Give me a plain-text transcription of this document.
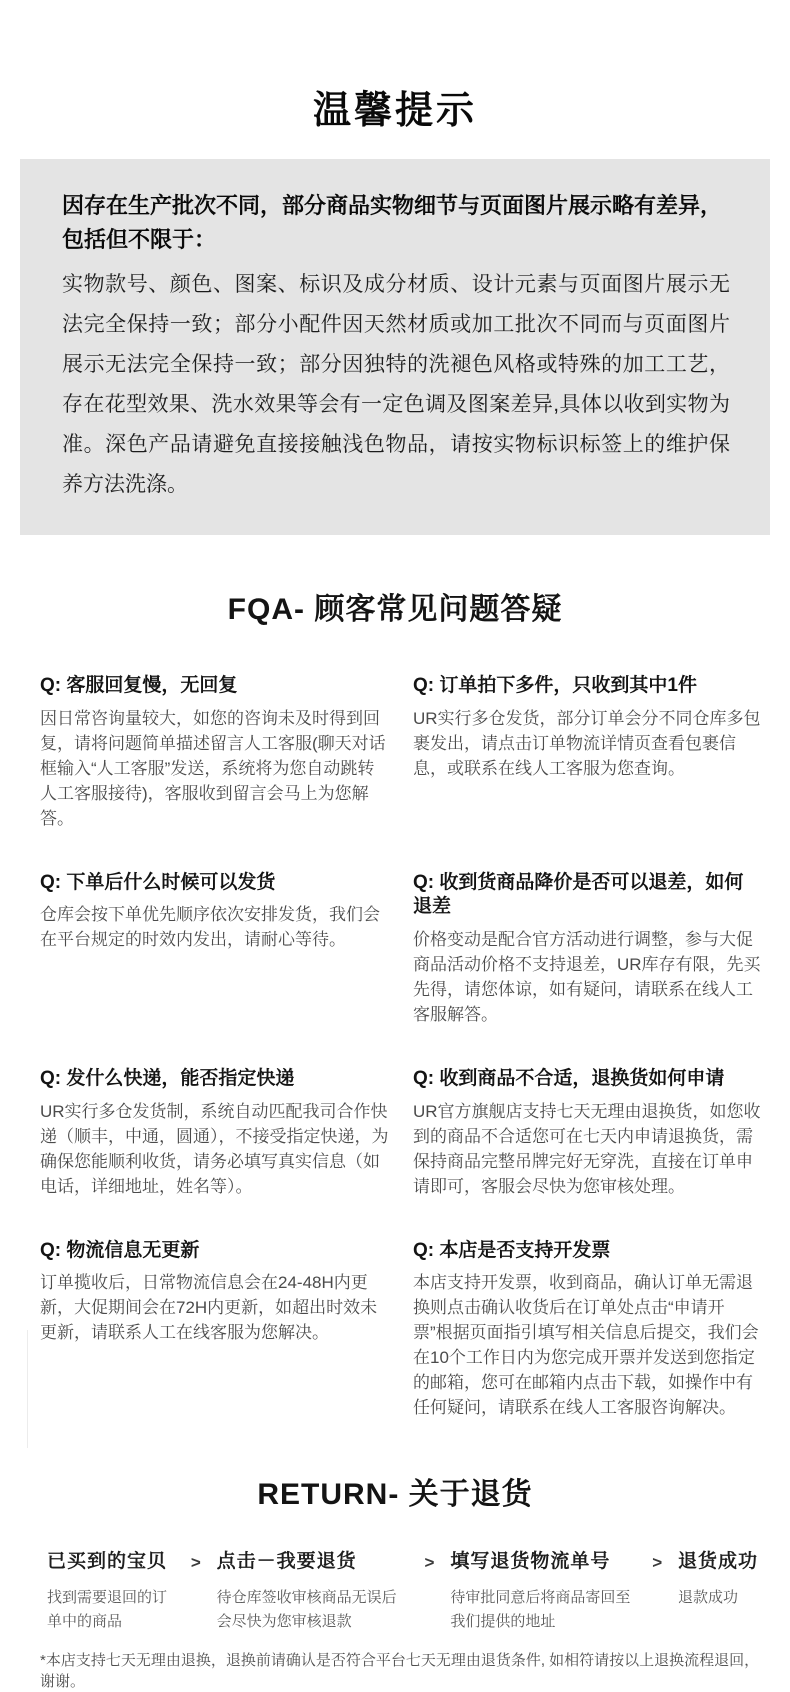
温馨提示

因存在生产批次不同，部分商品实物细节与页面图片展示略有差异，包括但不限于：

实物款号、颜色、图案、标识及成分材质、设计元素与页面图片展示无法完全保持一致；部分小配件因天然材质或加工批次不同而与页面图片展示无法完全保持一致；部分因独特的洗褪色风格或特殊的加工工艺，存在花型效果、洗水效果等会有一定色调及图案差异,具体以收到实物为准。深色产品请避免直接接触浅色物品，请按实物标识标签上的维护保养方法洗涤。

FQA- 顾客常见问题答疑

Q: 客服回复慢，无回复

因日常咨询量较大，如您的咨询未及时得到回复，请将问题简单描述留言人工客服(聊天对话框输入“人工客服”发送，系统将为您自动跳转人工客服接待)，客服收到留言会马上为您解答。

Q: 订单拍下多件，只收到其中1件

UR实行多仓发货，部分订单会分不同仓库多包裹发出，请点击订单物流详情页查看包裹信息，或联系在线人工客服为您查询。

Q: 下单后什么时候可以发货

仓库会按下单优先顺序依次安排发货，我们会在平台规定的时效内发出，请耐心等待。

Q: 收到货商品降价是否可以退差，如何退差

价格变动是配合官方活动进行调整，参与大促商品活动价格不支持退差，UR库存有限，先买先得，请您体谅，如有疑问，请联系在线人工客服解答。

Q: 发什么快递，能否指定快递

UR实行多仓发货制，系统自动匹配我司合作快递（顺丰，中通，圆通），不接受指定快递，为确保您能顺利收货，请务必填写真实信息（如电话，详细地址，姓名等）。

Q: 收到商品不合适，退换货如何申请

UR官方旗舰店支持七天无理由退换货，如您收到的商品不合适您可在七天内申请退换货，需保持商品完整吊牌完好无穿洗，直接在订单申请即可，客服会尽快为您审核处理。

Q: 物流信息无更新

订单揽收后，日常物流信息会在24-48H内更新，大促期间会在72H内更新，如超出时效未更新，请联系人工在线客服为您解决。

Q: 本店是否支持开发票

本店支持开发票，收到商品，确认订单无需退换则点击确认收货后在订单处点击“申请开票”根据页面指引填写相关信息后提交，我们会在10个工作日内为您完成开票并发送到您指定的邮箱，您可在邮箱内点击下载，如操作中有任何疑问，请联系在线人工客服咨询解决。

RETURN- 关于退货

已买到的宝贝

找到需要退回的订单中的商品

> 点击－我要退货

待仓库签收审核商品无误后会尽快为您审核退款

> 填写退货物流单号

待审批同意后将商品寄回至我们提供的地址

> 退货成功

退款成功

*本店支持七天无理由退换，退换前请确认是否符合平台七天无理由退货条件, 如相符请按以上退换流程退回，谢谢。
